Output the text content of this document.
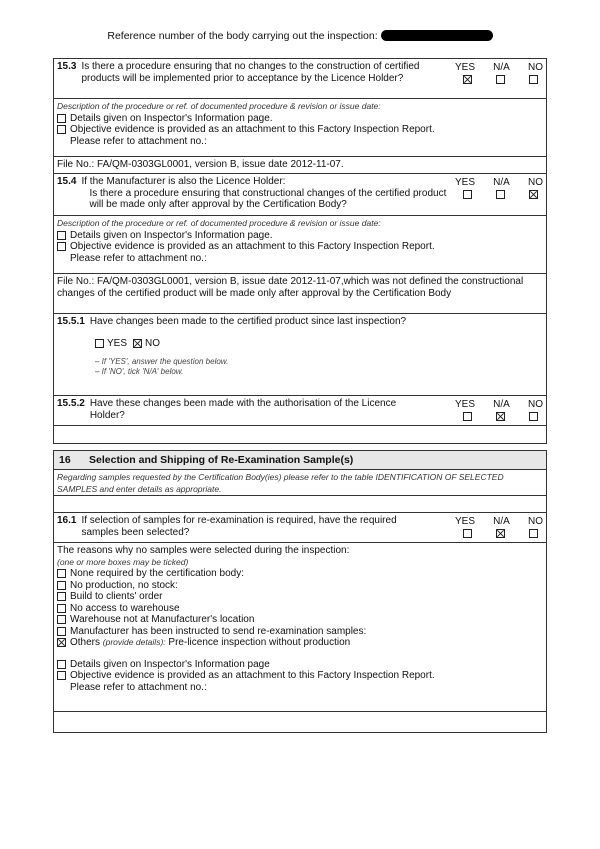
Reference number of the body carrying out the inspection:
15.3 Is there a procedure ensuring that no changes to the construction of certified products will be implemented prior to acceptance by the Licence Holder?
YES N/A NO
Description of the procedure or ref. of documented procedure & revision or issue date:
Details given on Inspector's Information page.
Objective evidence is provided as an attachment to this Factory Inspection Report.
Please refer to attachment no.:
File No.: FA/QM-0303GL0001, version B, issue date 2012-11-07.
15.4 If the Manufacturer is also the Licence Holder:
Is there a procedure ensuring that constructional changes of the certified product will be made only after approval by the Certification Body?
YES N/A NO
Description of the procedure or ref. of documented procedure & revision or issue date:
Details given on Inspector's Information page.
Objective evidence is provided as an attachment to this Factory Inspection Report.
Please refer to attachment no.:
File No.: FA/QM-0303GL0001, version B, issue date 2012-11-07,which was not defined the constructional changes of the certified product will be made only after approval by the Certification Body
15.5.1 Have changes been made to the certified product since last inspection?
YES NO
– If 'YES', answer the question below.
– If 'NO', tick 'N/A' below.
15.5.2 Have these changes been made with the authorisation of the Licence Holder?
YES N/A NO
16 Selection and Shipping of Re-Examination Sample(s)
Regarding samples requested by the Certification Body(ies) please refer to the table IDENTIFICATION OF SELECTED SAMPLES and enter details as appropriate.
16.1 If selection of samples for re-examination is required, have the required samples been selected?
YES N/A NO
The reasons why no samples were selected during the inspection:
(one or more boxes may be ticked)
None required by the certification body:
No production, no stock:
Build to clients' order
No access to warehouse
Warehouse not at Manufacturer's location
Manufacturer has been instructed to send re-examination samples:
Others (provide details): Pre-licence inspection without production
Details given on Inspector's Information page
Objective evidence is provided as an attachment to this Factory Inspection Report.
Please refer to attachment no.:
